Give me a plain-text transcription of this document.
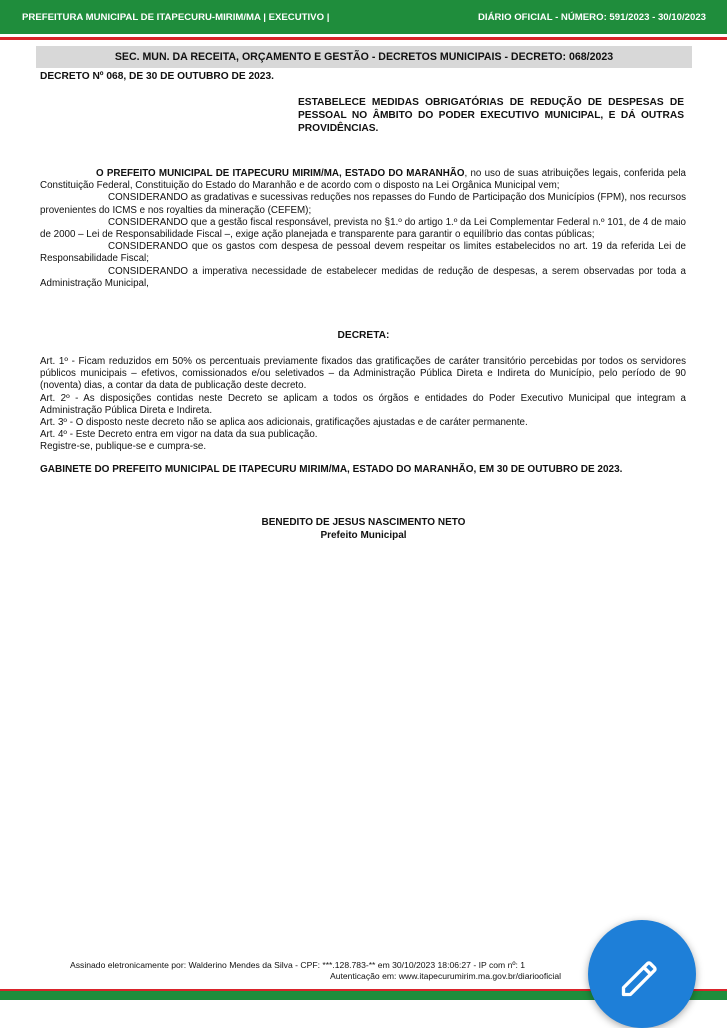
PREFEITURA MUNICIPAL DE ITAPECURU-MIRIM/MA | EXECUTIVO |	DIÁRIO OFICIAL - NÚMERO: 591/2023 - 30/10/2023
SEC. MUN. DA RECEITA, ORÇAMENTO E GESTÃO - DECRETOS MUNICIPAIS - DECRETO: 068/2023
DECRETO Nº 068, DE 30 DE OUTUBRO DE 2023.
ESTABELECE MEDIDAS OBRIGATÓRIAS DE REDUÇÃO DE DESPESAS DE PESSOAL NO ÂMBITO DO PODER EXECUTIVO MUNICIPAL, E DÁ OUTRAS PROVIDÊNCIAS.

O PREFEITO MUNICIPAL DE ITAPECURU MIRIM/MA, ESTADO DO MARANHÃO, no uso de suas atribuições legais, conferida pela Constituição Federal, Constituição do Estado do Maranhão e de acordo com o disposto na Lei Orgânica Municipal vem;

CONSIDERANDO as gradativas e sucessivas reduções nos repasses do Fundo de Participação dos Municípios (FPM), nos recursos provenientes do ICMS e nos royalties da mineração (CEFEM);

CONSIDERANDO que a gestão fiscal responsável, prevista no §1.º do artigo 1.º da Lei Complementar Federal n.º 101, de 4 de maio de 2000 – Lei de Responsabilidade Fiscal –, exige ação planejada e transparente para garantir o equilíbrio das contas públicas;

CONSIDERANDO que os gastos com despesa de pessoal devem respeitar os limites estabelecidos no art. 19 da referida Lei de Responsabilidade Fiscal;

CONSIDERANDO a imperativa necessidade de estabelecer medidas de redução de despesas, a serem observadas por toda a Administração Municipal,

DECRETA:

Art. 1º - Ficam reduzidos em 50% os percentuais previamente fixados das gratificações de caráter transitório percebidas por todos os servidores públicos municipais – efetivos, comissionados e/ou seletivados – da Administração Pública Direta e Indireta do Município, pelo período de 90 (noventa) dias, a contar da data de publicação deste decreto.

Art. 2º - As disposições contidas neste Decreto se aplicam a todos os órgãos e entidades do Poder Executivo Municipal que integram a Administração Pública Direta e Indireta.

Art. 3º - O disposto neste decreto não se aplica aos adicionais, gratificações ajustadas e de caráter permanente.

Art. 4º - Este Decreto entra em vigor na data da sua publicação.

Registre-se, publique-se e cumpra-se.

GABINETE DO PREFEITO MUNICIPAL DE ITAPECURU MIRIM/MA, ESTADO DO MARANHÃO, EM 30 DE OUTUBRO DE 2023.
BENEDITO DE JESUS NASCIMENTO NETO
Prefeito Municipal
Assinado eletronicamente por: Walderino Mendes da Silva - CPF: ***.128.783-** em 30/10/2023 18:06:27 - IP com nº: 1
Autenticação em: www.itapecurumirim.ma.gov.br/diariooficial
